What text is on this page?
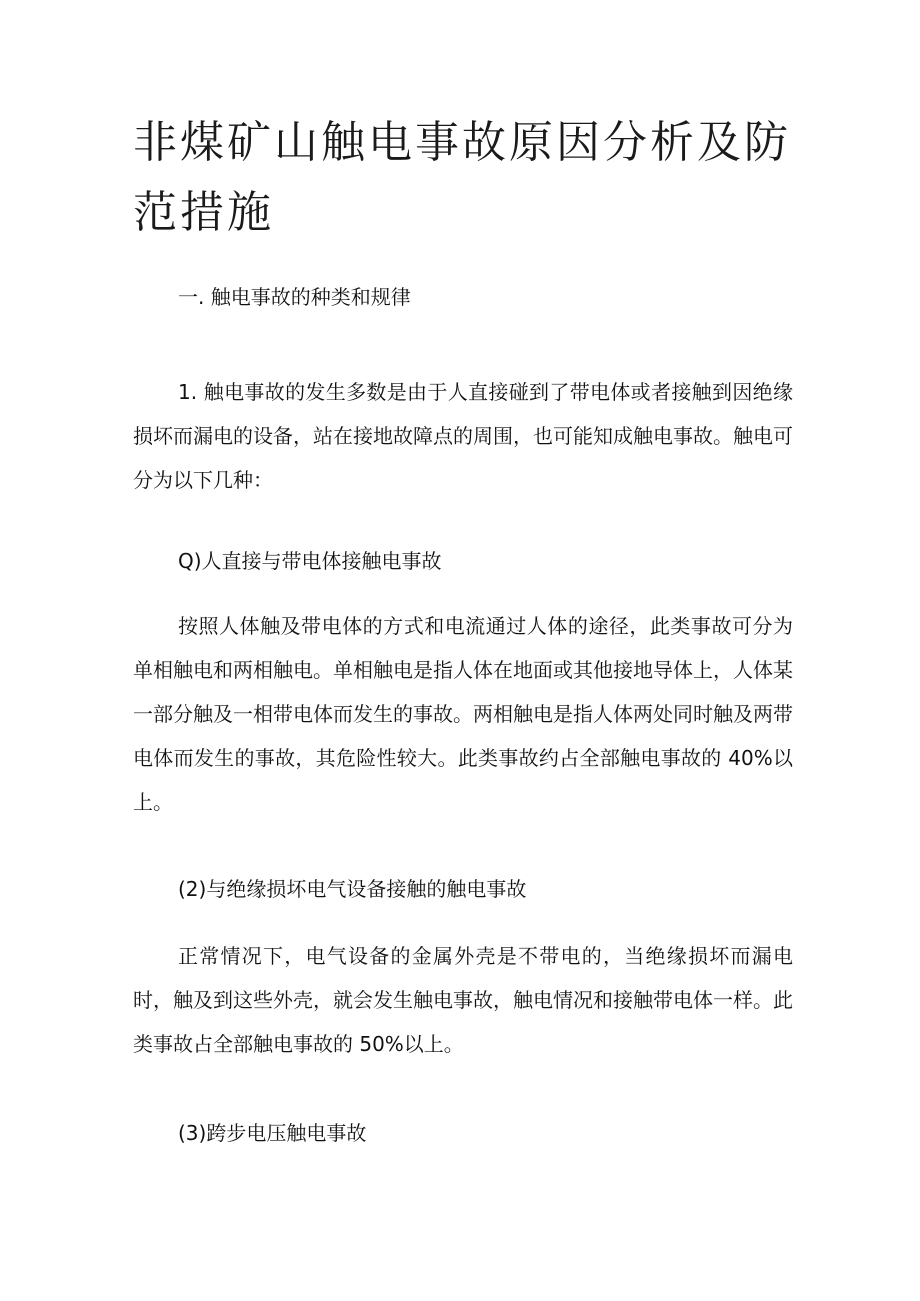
非煤矿山触电事故原因分析及防范措施
一. 触电事故的种类和规律

1. 触电事故的发生多数是由于人直接碰到了带电体或者接触到因绝缘损坏而漏电的设备，站在接地故障点的周围，也可能知成触电事故。触电可分为以下几种：

Q)人直接与带电体接触电事故

按照人体触及带电体的方式和电流通过人体的途径，此类事故可分为单相触电和两相触电。单相触电是指人体在地面或其他接地导体上，人体某一部分触及一相带电体而发生的事故。两相触电是指人体两处同时触及两带电体而发生的事故，其危险性较大。此类事故约占全部触电事故的 40%以上。

(2)与绝缘损坏电气设备接触的触电事故

正常情况下，电气设备的金属外壳是不带电的，当绝缘损坏而漏电时，触及到这些外壳，就会发生触电事故，触电情况和接触带电体一样。此类事故占全部触电事故的 50%以上。

(3)跨步电压触电事故
